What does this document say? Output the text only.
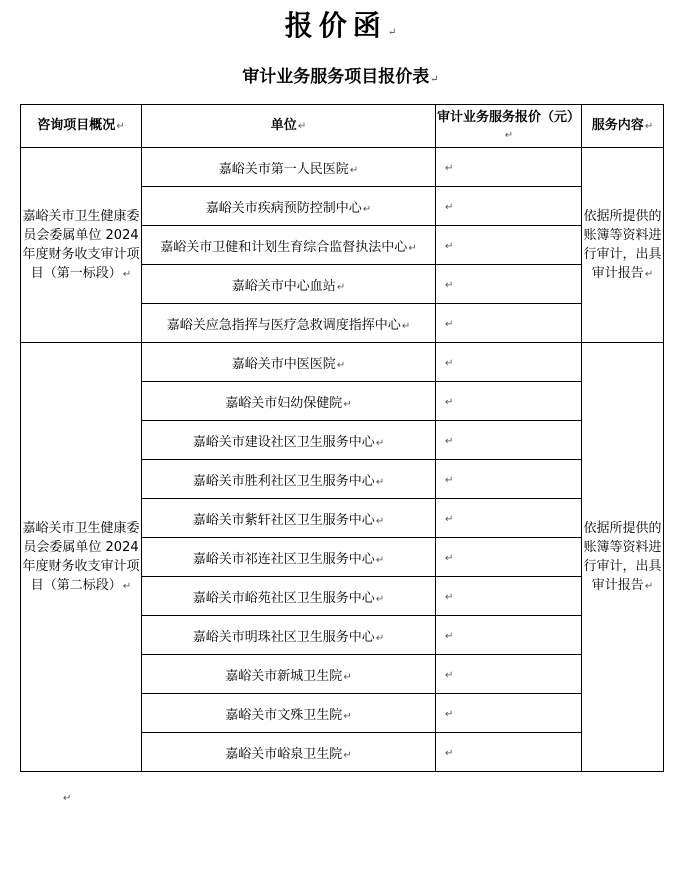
报价函↵
审计业务服务项目报价表↵
咨询项目概况↵	单位↵	审计业务服务报价（元）↵	服务内容↵
嘉峪关市卫生健康委员会委属单位 2024 年度财务收支审计项目（第一标段）↵	嘉峪关市第一人民医院↵	↵	依据所提供的账簿等资料进行审计，出具审计报告↵
	嘉峪关市疾病预防控制中心↵	↵	
	嘉峪关市卫健和计划生育综合监督执法中心↵	↵	
	嘉峪关市中心血站↵	↵	
	嘉峪关应急指挥与医疗急救调度指挥中心↵	↵	
嘉峪关市卫生健康委员会委属单位 2024 年度财务收支审计项目（第二标段）↵	嘉峪关市中医医院↵	↵	依据所提供的账簿等资料进行审计，出具审计报告↵
	嘉峪关市妇幼保健院↵	↵	
	嘉峪关市建设社区卫生服务中心↵	↵	
	嘉峪关市胜利社区卫生服务中心↵	↵	
	嘉峪关市紫轩社区卫生服务中心↵	↵	
	嘉峪关市祁连社区卫生服务中心↵	↵	
	嘉峪关市峪苑社区卫生服务中心↵	↵	
	嘉峪关市明珠社区卫生服务中心↵	↵	
	嘉峪关市新城卫生院↵	↵	
	嘉峪关市文殊卫生院↵	↵	
	嘉峪关市峪泉卫生院↵	↵	
↵
